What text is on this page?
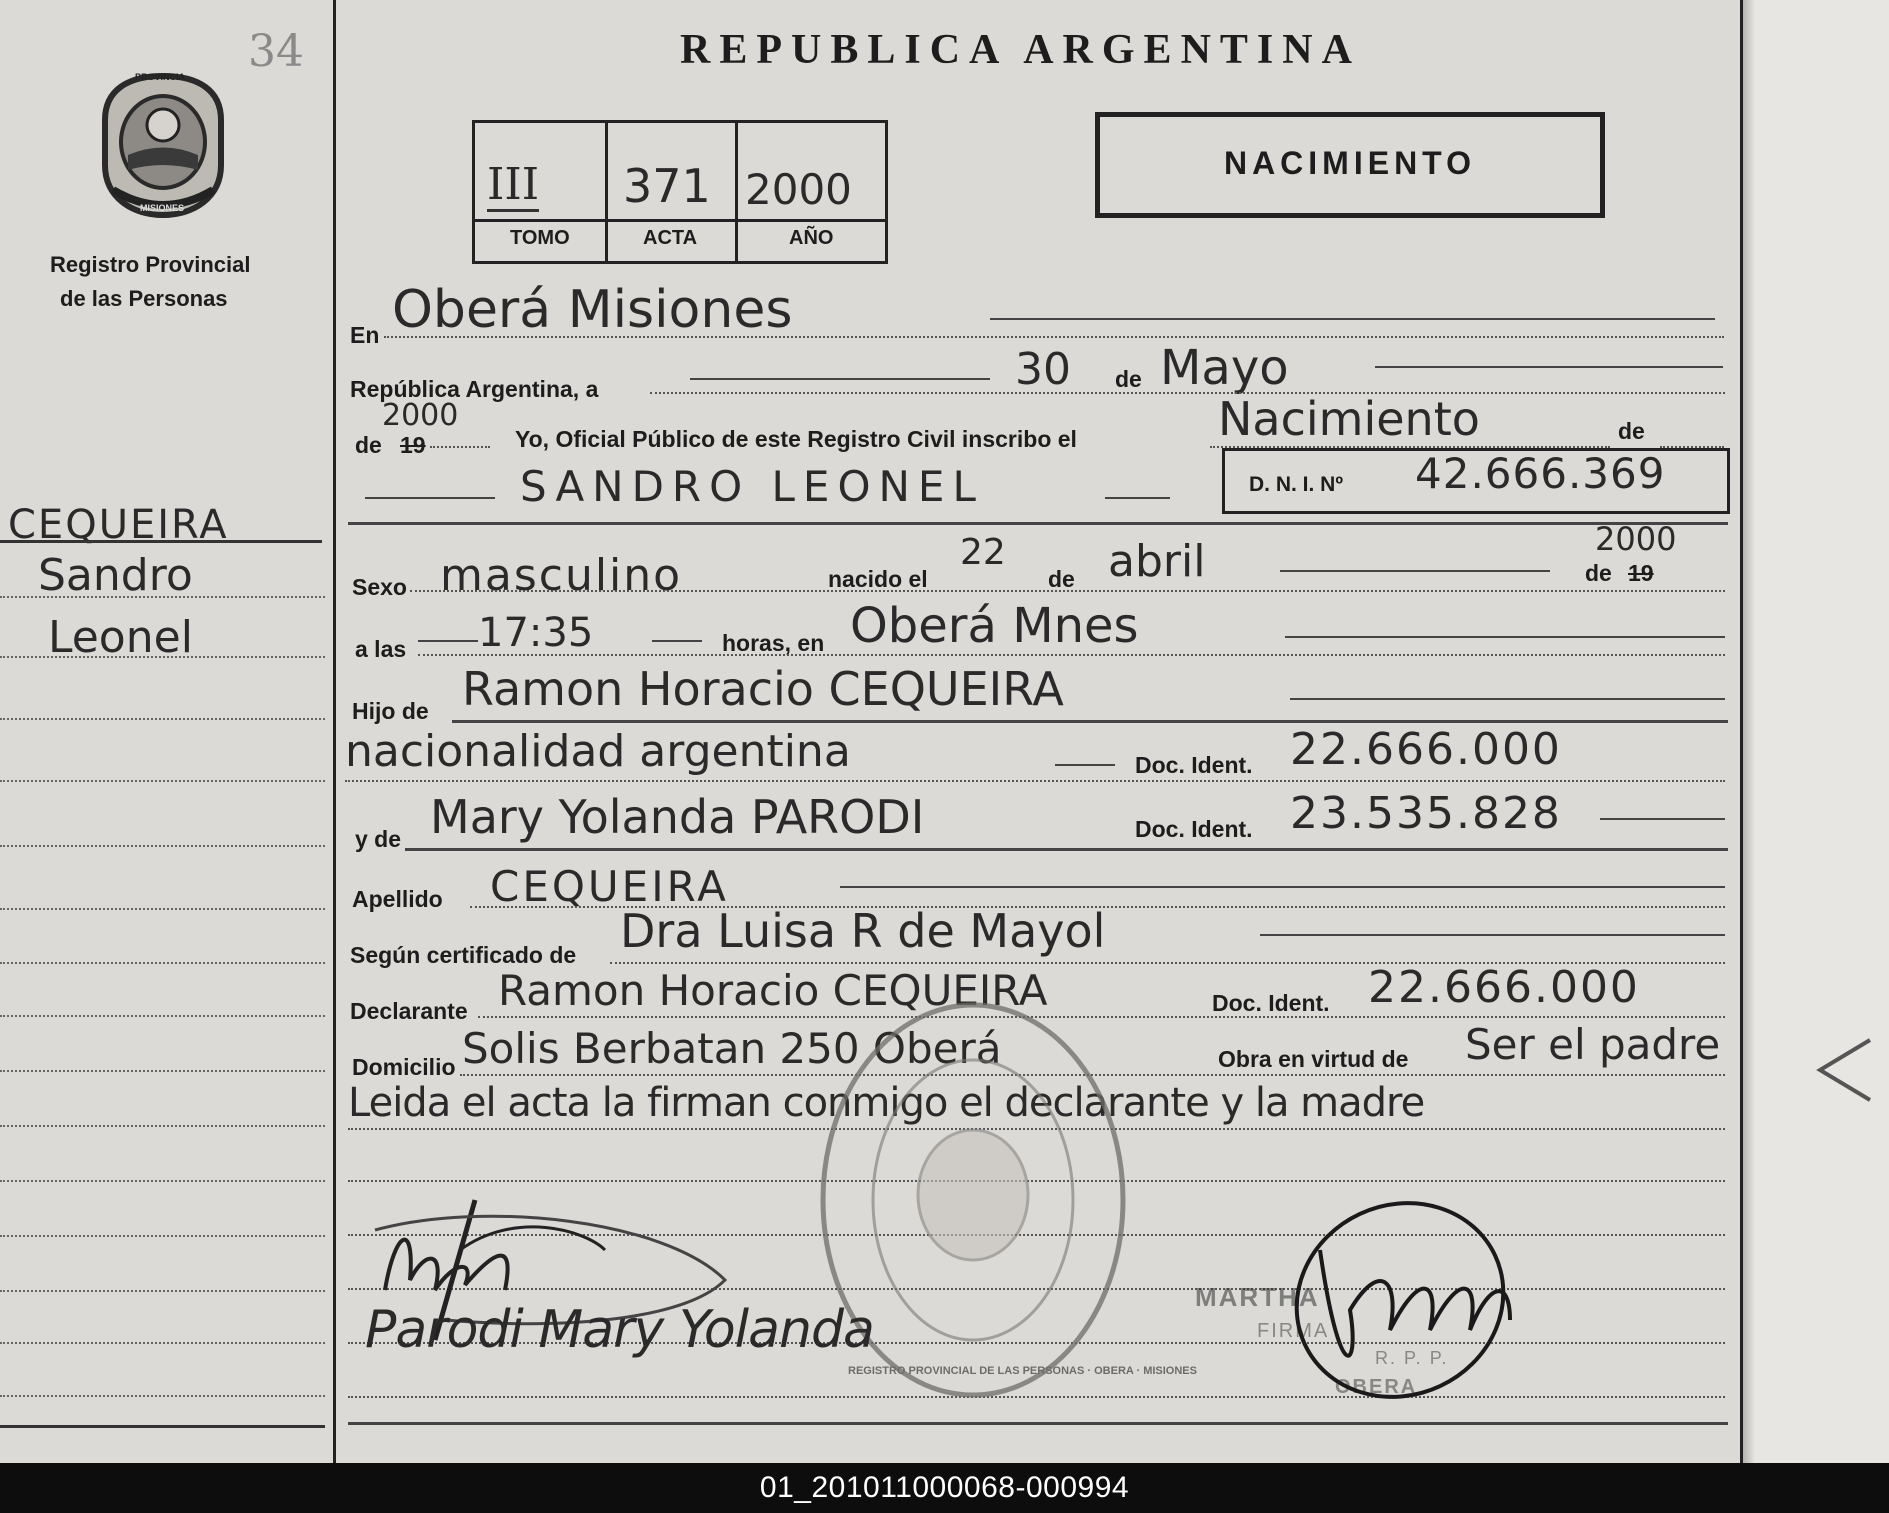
34
PROVINCIA
MISIONES
Registro Provincial
de las Personas
CEQUEIRA
Sandro
Leonel
REPUBLICA ARGENTINA
III 371 2000
TOMO	ACTA	AÑO
NACIMIENTO
En Oberá Misiones
República Argentina, a	30 de Mayo
de 19
2000
Yo, Oficial Público de este Registro Civil inscribo el	Nacimiento	de
SANDRO LEONEL	D. N. I. Nº 42.666.369
Sexo masculino	nacido el
22
de abril	de 19
2000
a las 17:35	horas, en Oberá Mnes
Hijo de Ramon Horacio CEQUEIRA
nacionalidad argentina	Doc. Ident. 22.666.000
y de Mary Yolanda PARODI	Doc. Ident. 23.535.828
Apellido CEQUEIRA
Según certificado de Dra Luisa R de Mayol
Declarante Ramon Horacio CEQUEIRA	Doc. Ident. 22.666.000
Domicilio Solis Berbatan 250 Oberá	Obra en virtud de Ser el padre
Leida el acta la firman conmigo el declarante y la madre
REGISTRO PROVINCIAL DE LAS PERSONAS · OBERA · MISIONES
MARTHA
FIRMA
R. P. P.
OBERA
Parodi Mary Yolanda
01_201011000068-000994
